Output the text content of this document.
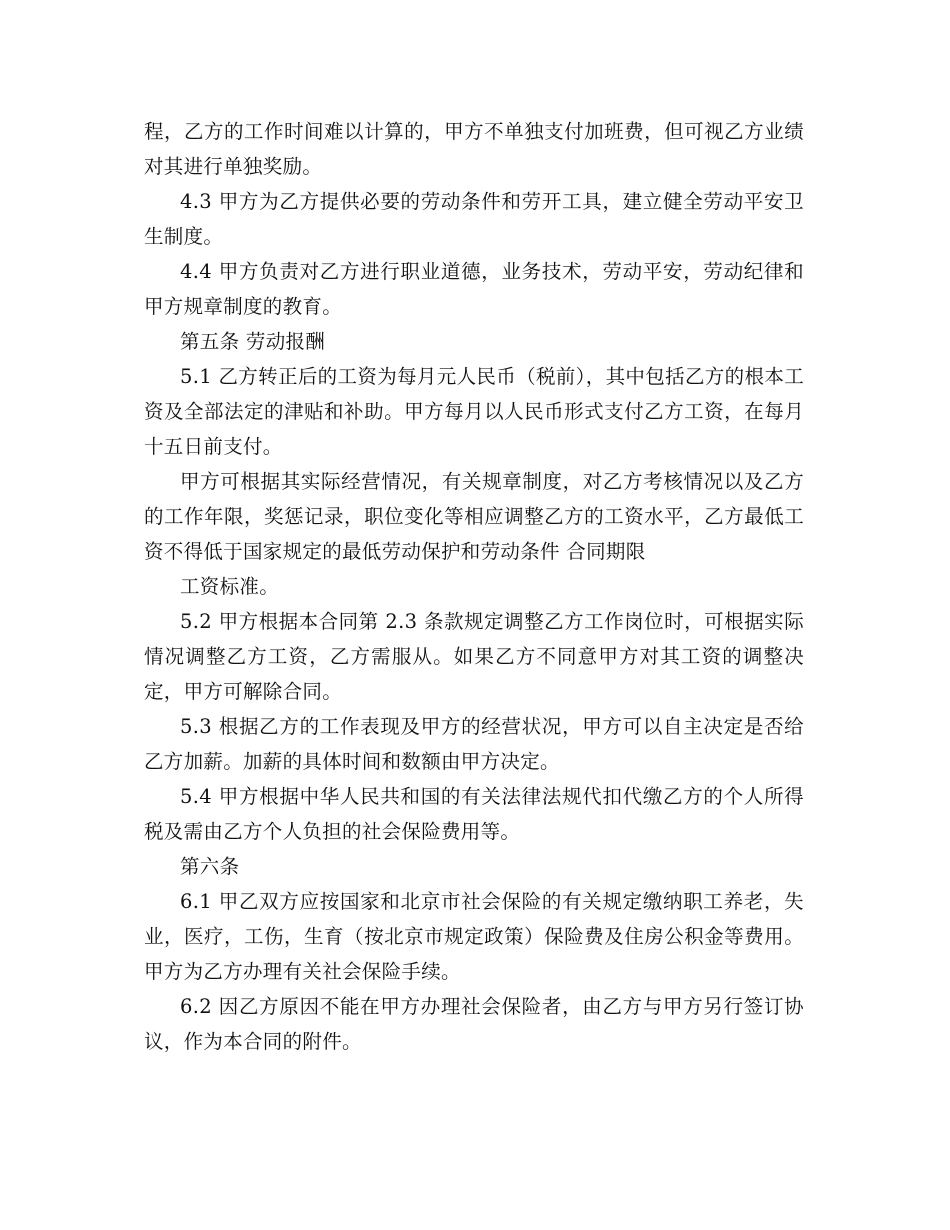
程，乙方的工作时间难以计算的，甲方不单独支付加班费，但可视乙方业绩对其进行单独奖励。

4.3 甲方为乙方提供必要的劳动条件和劳开工具，建立健全劳动平安卫生制度。

4.4 甲方负责对乙方进行职业道德，业务技术，劳动平安，劳动纪律和甲方规章制度的教育。

第五条 劳动报酬

5.1 乙方转正后的工资为每月元人民币（税前），其中包括乙方的根本工资及全部法定的津贴和补助。甲方每月以人民币形式支付乙方工资，在每月十五日前支付。

甲方可根据其实际经营情况，有关规章制度，对乙方考核情况以及乙方的工作年限，奖惩记录，职位变化等相应调整乙方的工资水平，乙方最低工资不得低于国家规定的最低劳动保护和劳动条件 合同期限

工资标准。

5.2 甲方根据本合同第 2.3 条款规定调整乙方工作岗位时，可根据实际情况调整乙方工资，乙方需服从。如果乙方不同意甲方对其工资的调整决定，甲方可解除合同。

5.3 根据乙方的工作表现及甲方的经营状况，甲方可以自主决定是否给乙方加薪。加薪的具体时间和数额由甲方决定。

5.4 甲方根据中华人民共和国的有关法律法规代扣代缴乙方的个人所得税及需由乙方个人负担的社会保险费用等。

第六条

6.1 甲乙双方应按国家和北京市社会保险的有关规定缴纳职工养老，失业，医疗，工伤，生育（按北京市规定政策）保险费及住房公积金等费用。甲方为乙方办理有关社会保险手续。

6.2 因乙方原因不能在甲方办理社会保险者，由乙方与甲方另行签订协议，作为本合同的附件。
